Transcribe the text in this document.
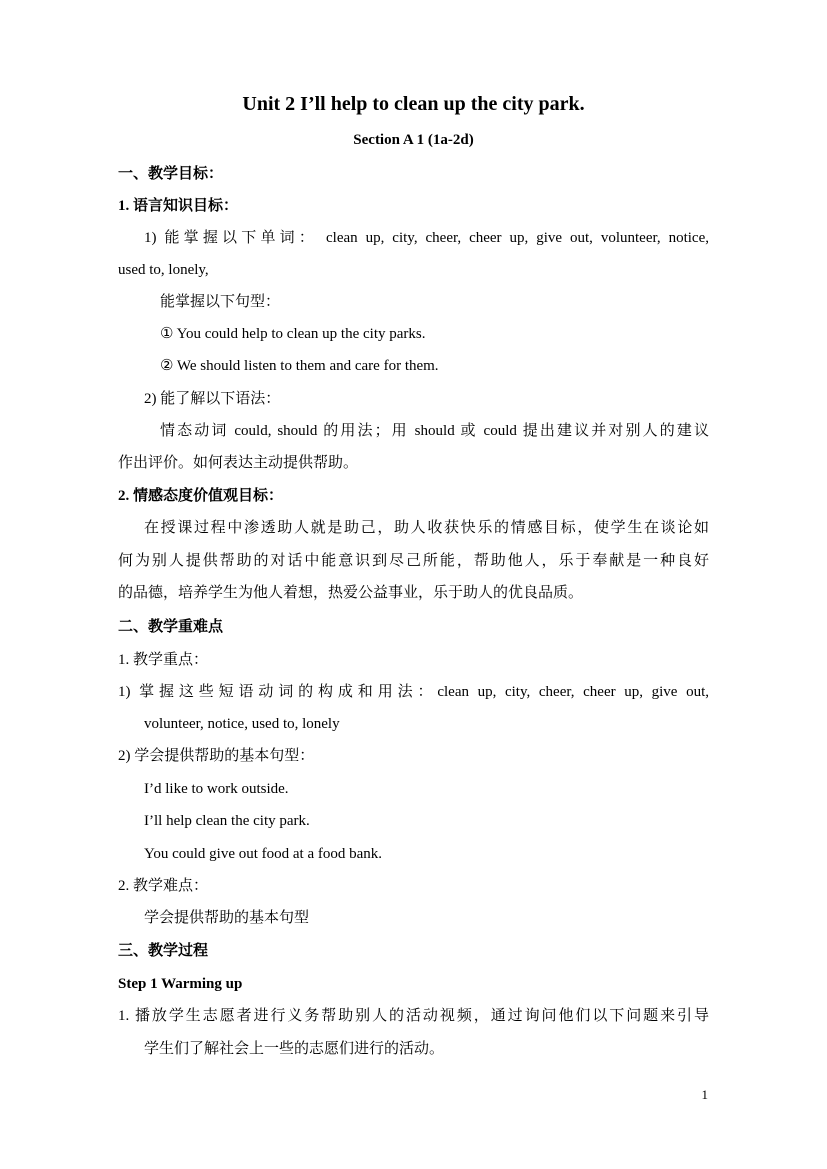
Unit 2 I’ll help to clean up the city park.
Section A 1 (1a-2d)
一、教学目标：
1. 语言知识目标：
1) 能掌握以下单词： clean up, city, cheer, cheer up, give out, volunteer, notice,
used to, lonely,
能掌握以下句型：
① You could help to clean up the city parks.
② We should listen to them and care for them.
2) 能了解以下语法：
情态动词 could, should 的用法；用 should 或 could 提出建议并对别人的建议
作出评价。如何表达主动提供帮助。
2. 情感态度价值观目标：
在授课过程中渗透助人就是助己，助人收获快乐的情感目标，使学生在谈论如
何为别人提供帮助的对话中能意识到尽己所能，帮助他人，乐于奉献是一种良好
的品德，培养学生为他人着想，热爱公益事业，乐于助人的优良品质。
二、教学重难点
1. 教学重点：
1) 掌握这些短语动词的构成和用法：clean up, city, cheer, cheer up, give out,
volunteer, notice, used to, lonely
2) 学会提供帮助的基本句型：
I’d like to work outside.
I’ll help clean the city park.
You could give out food at a food bank.
2. 教学难点：
学会提供帮助的基本句型
三、教学过程
Step 1 Warming up
1. 播放学生志愿者进行义务帮助别人的活动视频，通过询问他们以下问题来引导
学生们了解社会上一些的志愿们进行的活动。
1
